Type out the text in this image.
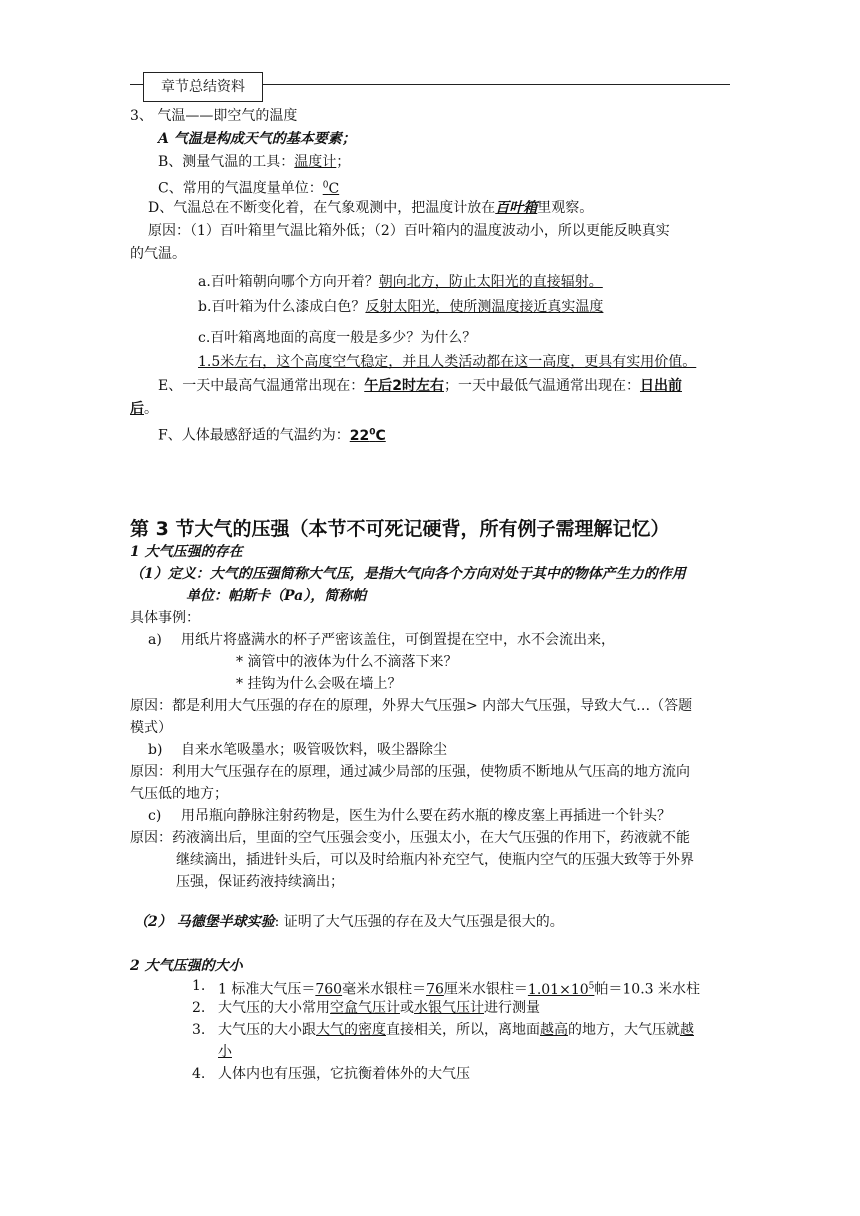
章节总结资料
3、 气温——即空气的温度
A 气温是构成天气的基本要素；
B、测量气温的工具：温度计；
C、常用的气温度量单位：$^0$C
D、气温总在不断变化着，在气象观测中，把温度计放在百叶箱里观察。
原因：（1）百叶箱里气温比箱外低；（2）百叶箱内的温度波动小，所以更能反映真实
的气温。
a.百叶箱朝向哪个方向开着？朝向北方，防止太阳光的直接辐射。
b.百叶箱为什么漆成白色？反射太阳光，使所测温度接近真实温度
c.百叶箱离地面的高度一般是多少？为什么？
1.5米左右，这个高度空气稳定，并且人类活动都在这一高度，更具有实用价值。
E、一天中最高气温通常出现在：午后2时左右；一天中最低气温通常出现在：日出前
后。
F、人体最感舒适的气温约为：$22^0C$
第 3 节大气的压强（本节不可死记硬背，所有例子需理解记忆）
1 大气压强的存在
（1）定义：大气的压强简称大气压，是指大气向各个方向对处于其中的物体产生力的作用
单位：帕斯卡（Pa），简称帕
具体事例：
a) 用纸片将盛满水的杯子严密该盖住，可倒置提在空中，水不会流出来，
* 滴管中的液体为什么不滴落下来？
* 挂钩为什么会吸在墙上？
原因：都是利用大气压强的存在的原理，外界大气压强> 内部大气压强，导致大气…（答题
模式）
b) 自来水笔吸墨水；吸管吸饮料，吸尘器除尘
原因：利用大气压强存在的原理，通过减少局部的压强，使物质不断地从气压高的地方流向
气压低的地方；
c) 用吊瓶向静脉注射药物是，医生为什么要在药水瓶的橡皮塞上再插进一个针头？
原因：药液滴出后，里面的空气压强会变小，压强太小，在大气压强的作用下，药液就不能
继续滴出，插进针头后，可以及时给瓶内补充空气，使瓶内空气的压强大致等于外界
压强，保证药液持续滴出；
（2） 马德堡半球实验: 证明了大气压强的存在及大气压强是很大的。
2 大气压强的大小
1. 1 标准大气压＝760毫米水银柱＝76厘米水银柱$=1.01\times 10^5$帕＝10.3 米水柱
2. 大气压的大小常用空盒气压计或水银气压计进行测量
3. 大气压的大小跟大气的密度直接相关，所以，离地面越高的地方，大气压就越
小
4. 人体内也有压强，它抗衡着体外的大气压
